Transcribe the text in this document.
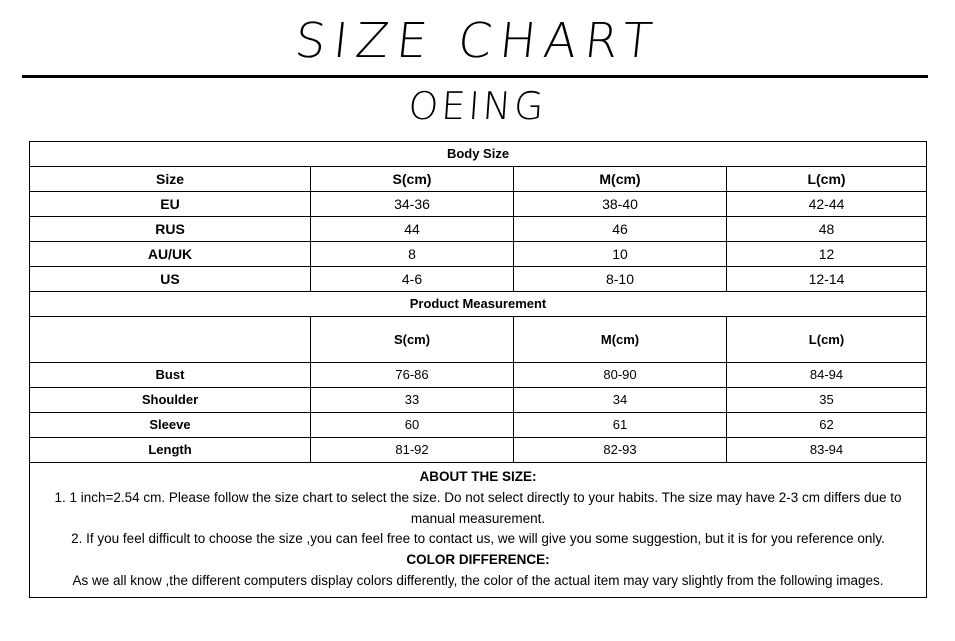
SIZE CHART
OEING
Body Size			
Size	S(cm)	M(cm)	L(cm)
EU	34-36	38-40	42-44
RUS	44	46	48
AU/UK	8	10	12
US	4-6	8-10	12-14
Product Measurement			
	S(cm)	M(cm)	L(cm)
Bust	76-86	80-90	84-94
Shoulder	33	34	35
Sleeve	60	61	62
Length	81-92	82-93	83-94

ABOUT THE SIZE:
1. 1 inch=2.54 cm. Please follow the size chart to select the size. Do not select directly to your habits. The size may have 2-3 cm differs due to manual measurement.
2. If you feel difficult to choose the size ,you can feel free to contact us, we will give you some suggestion, but it is for you reference only.
COLOR DIFFERENCE:
As we all know ,the different computers display colors differently, the color of the actual item may vary slightly from the following images.			
